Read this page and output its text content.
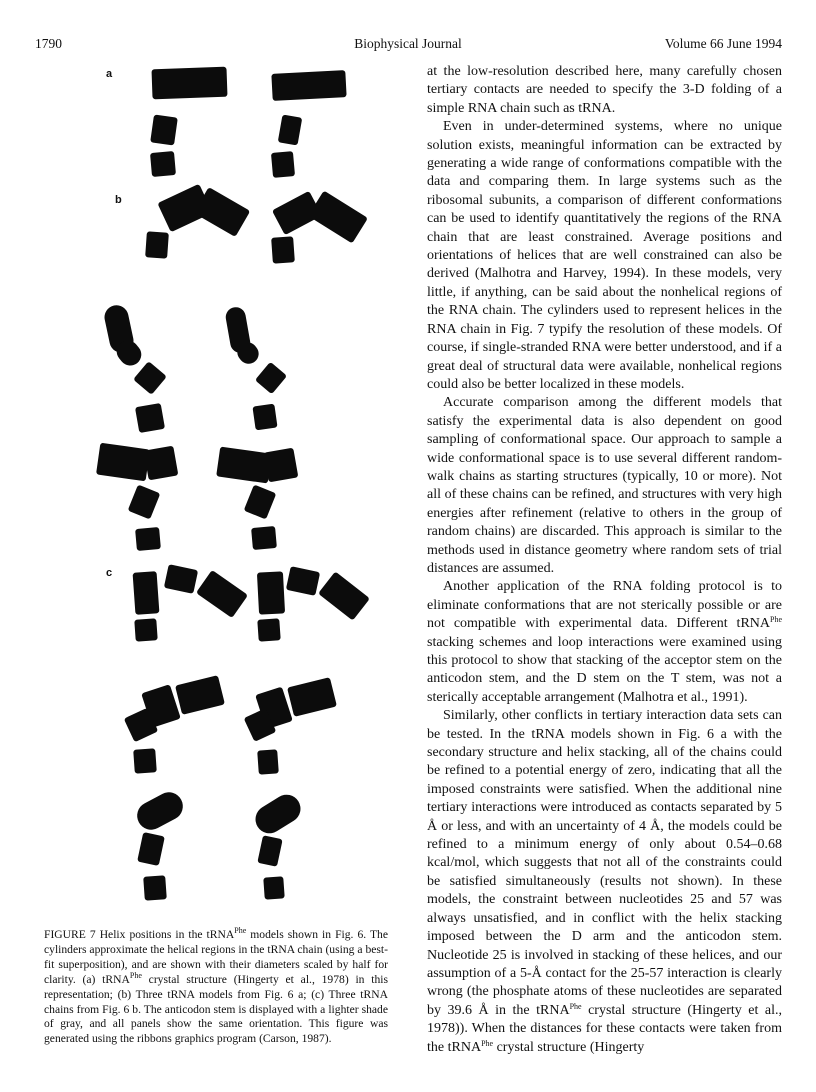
1790	Biophysical Journal	Volume 66 June 1994
a
b
c

FIGURE 7 Helix positions in the tRNA$^{Phe}$ models shown in Fig. 6. The cylinders approximate the helical regions in the tRNA chain (using a best-fit superposition), and are shown with their diameters scaled by half for clarity. (a) tRNA$^{Phe}$ crystal structure (Hingerty et al., 1978) in this representation; (b) Three tRNA models from Fig. 6 a; (c) Three tRNA chains from Fig. 6 b. The anticodon stem is displayed with a lighter shade of gray, and all panels show the same orientation. This figure was generated using the ribbons graphics program (Carson, 1987).

at the low-resolution described here, many carefully chosen tertiary contacts are needed to specify the 3-D folding of a simple RNA chain such as tRNA.

Even in under-determined systems, where no unique solution exists, meaningful information can be extracted by generating a wide range of conformations compatible with the data and comparing them. In large systems such as the ribosomal subunits, a comparison of different conformations can be used to identify quantitatively the regions of the RNA chain that are least constrained. Average positions and orientations of helices that are well constrained can also be derived (Malhotra and Harvey, 1994). In these models, very little, if anything, can be said about the nonhelical regions of the RNA chain. The cylinders used to represent helices in the RNA chain in Fig. 7 typify the resolution of these models. Of course, if single-stranded RNA were better understood, and if a great deal of structural data were available, nonhelical regions could also be better localized in these models.

Accurate comparison among the different models that satisfy the experimental data is also dependent on good sampling of conformational space. Our approach to sample a wide conformational space is to use several different random-walk chains as starting structures (typically, 10 or more). Not all of these chains can be refined, and structures with very high energies after refinement (relative to others in the group of random chains) are discarded. This approach is similar to the methods used in distance geometry where random sets of trial distances are assumed.

Another application of the RNA folding protocol is to eliminate conformations that are not sterically possible or are not compatible with experimental data. Different tRNA$^{Phe}$ stacking schemes and loop interactions were examined using this protocol to show that stacking of the acceptor stem on the anticodon stem, and the D stem on the T stem, was not a sterically acceptable arrangement (Malhotra et al., 1991).

Similarly, other conflicts in tertiary interaction data sets can be tested. In the tRNA models shown in Fig. 6 a with the secondary structure and helix stacking, all of the chains could be refined to a potential energy of zero, indicating that all the imposed constraints were satisfied. When the additional nine tertiary interactions were introduced as contacts separated by 5 Å or less, and with an uncertainty of 4 Å, the models could be refined to a minimum energy of only about 0.54–0.68 kcal/mol, which suggests that not all of the constraints could be satisfied simultaneously (results not shown). In these models, the constraint between nucleotides 25 and 57 was always unsatisfied, and in conflict with the helix stacking imposed between the D arm and the anticodon stem. Nucleotide 25 is involved in stacking of these helices, and our assumption of a 5-Å contact for the 25-57 interaction is clearly wrong (the phosphate atoms of these nucleotides are separated by 39.6 Å in the tRNA$^{Phe}$ crystal structure (Hingerty et al., 1978)). When the distances for these contacts were taken from the tRNA$^{Phe}$ crystal structure (Hingerty
